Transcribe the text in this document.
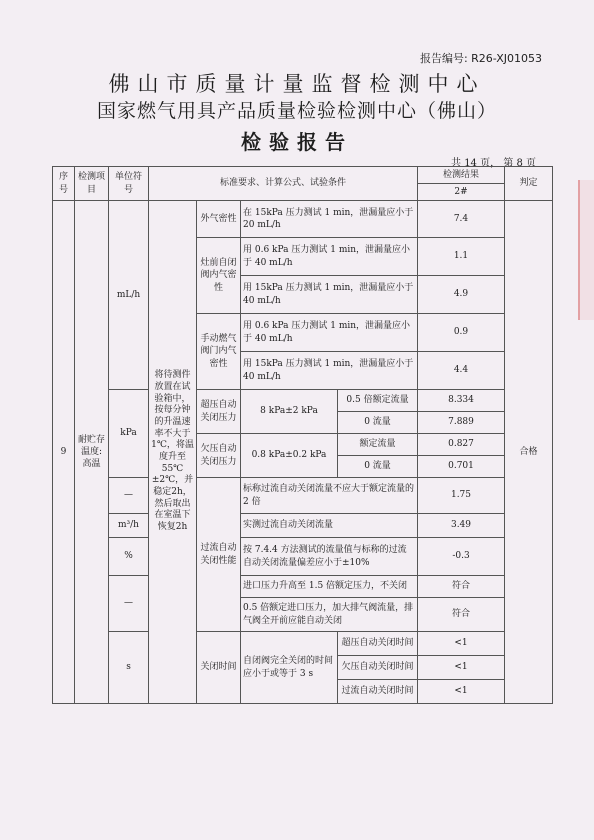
报告编号: R26-XJ01053
佛山市质量计量监督检测中心
国家燃气用具产品质量检验检测中心（佛山）
检验报告
共 14 页， 第 8 页
序号	检测项目	单位符号	标准要求、计算公式、试验条件				检测结果	判定
							2#	
9	耐贮存温度: 高温	mL/h	将待测件放置在试验箱中，按每分钟的升温速率不大于1℃，将温度升至55℃±2℃，并稳定2h，然后取出在室温下恢复2h	外气密性	在 15kPa 压力测试 1 min，泄漏量应小于 20 mL/h		7.4	合格
				灶前自闭阀内气密性	用 0.6 kPa 压力测试 1 min，泄漏量应小于 40 mL/h		1.1	
					用 15kPa 压力测试 1 min，泄漏量应小于 40 mL/h		4.9	
				手动燃气阀门内气密性	用 0.6 kPa 压力测试 1 min，泄漏量应小于 40 mL/h		0.9	
					用 15kPa 压力测试 1 min，泄漏量应小于 40 mL/h		4.4	
		kPa		超压自动关闭压力	8 kPa±2 kPa	0.5 倍额定流量	8.334	
						0 流量	7.889	
				欠压自动关闭压力	0.8 kPa±0.2 kPa	额定流量	0.827	
						0 流量	0.701	
		—		过流自动关闭性能	标称过流自动关闭流量不应大于额定流量的 2 倍		1.75	
		m³/h			实测过流自动关闭流量		3.49	
		%			按 7.4.4 方法测试的流量值与标称的过流自动关闭流量偏差应小于±10%		-0.3	
		—			进口压力升高至 1.5 倍额定压力，不关闭		符合	
					0.5 倍额定进口压力，加大排气阀流量，排气阀全开前应能自动关闭		符合	
		s		关闭时间	自闭阀完全关闭的时间应小于或等于 3 s	超压自动关闭时间	<1	
						欠压自动关闭时间	<1	
						过流自动关闭时间	<1	
